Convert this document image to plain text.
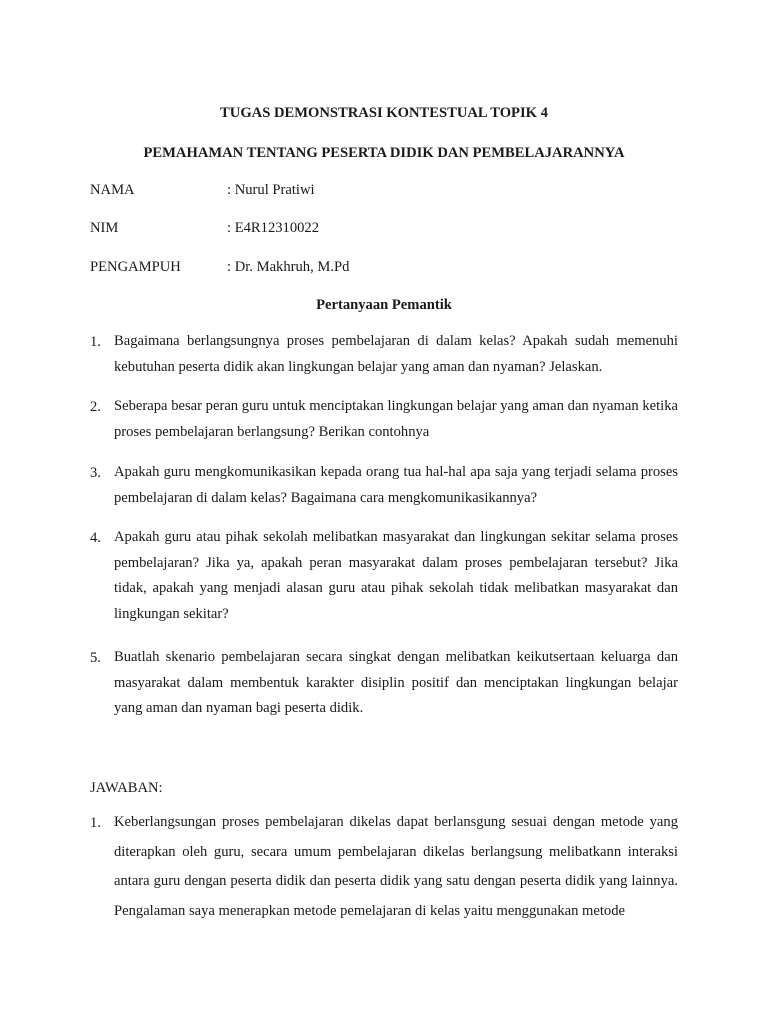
TUGAS DEMONSTRASI KONTESTUAL TOPIK 4
PEMAHAMAN TENTANG PESERTA DIDIK DAN PEMBELAJARANNYA
NAMA	: Nurul Pratiwi
NIM	: E4R12310022
PENGAMPUH	: Dr. Makhruh, M.Pd
Pertanyaan Pemantik
1. Bagaimana berlangsungnya proses pembelajaran di dalam kelas? Apakah sudah memenuhi kebutuhan peserta didik akan lingkungan belajar yang aman dan nyaman? Jelaskan.
2. Seberapa besar peran guru untuk menciptakan lingkungan belajar yang aman dan nyaman ketika proses pembelajaran berlangsung? Berikan contohnya
3. Apakah guru mengkomunikasikan kepada orang tua hal-hal apa saja yang terjadi selama proses pembelajaran di dalam kelas? Bagaimana cara mengkomunikasikannya?
4. Apakah guru atau pihak sekolah melibatkan masyarakat dan lingkungan sekitar selama proses pembelajaran? Jika ya, apakah peran masyarakat dalam proses pembelajaran tersebut? Jika tidak, apakah yang menjadi alasan guru atau pihak sekolah tidak melibatkan masyarakat dan lingkungan sekitar?
5. Buatlah skenario pembelajaran secara singkat dengan melibatkan keikutsertaan keluarga dan masyarakat dalam membentuk karakter disiplin positif dan menciptakan lingkungan belajar yang aman dan nyaman bagi peserta didik.
JAWABAN:
1. Keberlangsungan proses pembelajaran dikelas dapat berlansgung sesuai dengan metode yang diterapkan oleh guru, secara umum pembelajaran dikelas berlangsung melibatkann interaksi antara guru dengan peserta didik dan peserta didik yang satu dengan peserta didik yang lainnya. Pengalaman saya menerapkan metode pemelajaran di kelas yaitu menggunakan metode
